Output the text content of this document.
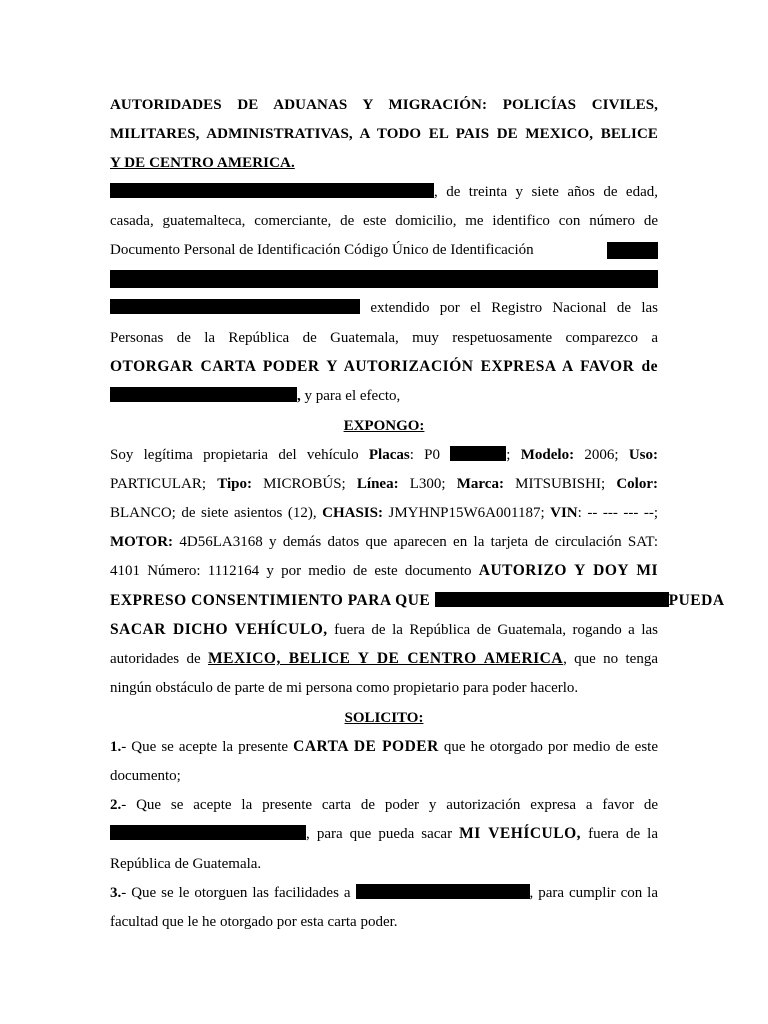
AUTORIDADES DE ADUANAS Y MIGRACIÓN: POLICÍAS CIVILES,
MILITARES, ADMINISTRATIVAS, A TODO EL PAIS DE MEXICO, BELICE
Y DE CENTRO AMERICA.
, de treinta y siete años de edad,
casada, guatemalteca, comerciante, de este domicilio, me identifico con número de
Documento Personal de Identificación Código Único de Identificación
extendido por el Registro Nacional de las
Personas de la República de Guatemala, muy respetuosamente comparezco a
OTORGAR CARTA PODER Y AUTORIZACIÓN EXPRESA A FAVOR de
, y para el efecto,
EXPONGO:
Soy legítima propietaria del vehículo Placas: P0	; Modelo: 2006; Uso:
PARTICULAR; Tipo: MICROBÚS; Línea: L300; Marca: MITSUBISHI; Color:
BLANCO; de siete asientos (12), CHASIS: JMYHNP15W6A001187; VIN: -- --- --- --;
MOTOR: 4D56LA3168 y demás datos que aparecen en la tarjeta de circulación SAT:
4101 Número: 1112164 y por medio de este documento AUTORIZO Y DOY MI
EXPRESO CONSENTIMIENTO PARA QUE	PUEDA
SACAR DICHO VEHÍCULO, fuera de la República de Guatemala, rogando a las
autoridades de MEXICO, BELICE Y DE CENTRO AMERICA, que no tenga
ningún obstáculo de parte de mi persona como propietario para poder hacerlo.
SOLICITO:
1.- Que se acepte la presente CARTA DE PODER que he otorgado por medio de este
documento;
2.- Que se acepte la presente carta de poder y autorización expresa a favor de
, para que pueda sacar MI VEHÍCULO, fuera de la
República de Guatemala.
3.- Que se le otorguen las facilidades a	, para cumplir con la
facultad que le he otorgado por esta carta poder.
